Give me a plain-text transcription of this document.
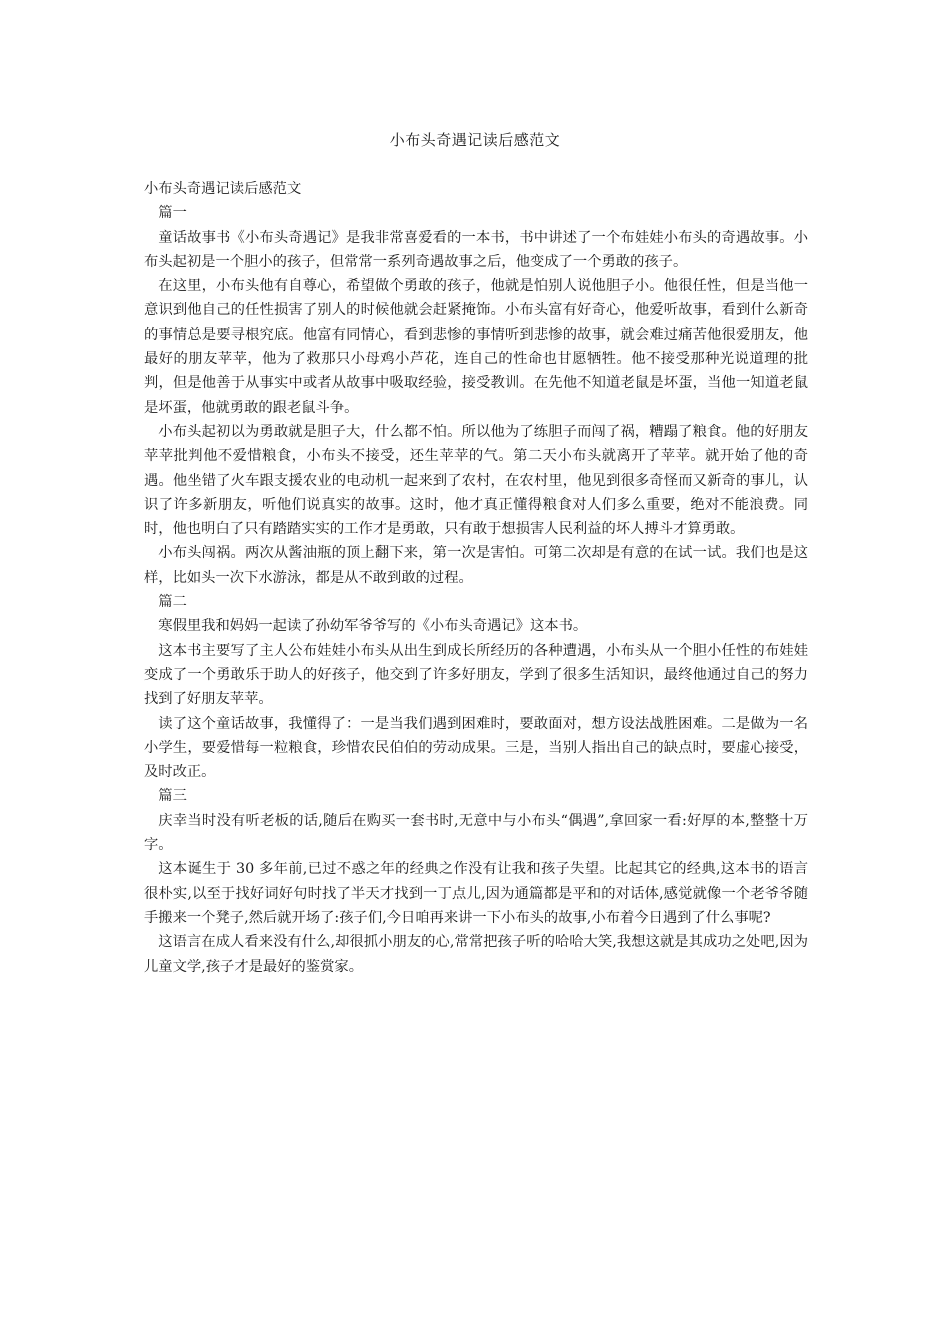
小布头奇遇记读后感范文

小布头奇遇记读后感范文

篇一

童话故事书《小布头奇遇记》是我非常喜爱看的一本书，书中讲述了一个布娃娃小布头的奇遇故事。小布头起初是一个胆小的孩子，但常常一系列奇遇故事之后，他变成了一个勇敢的孩子。

在这里，小布头他有自尊心，希望做个勇敢的孩子，他就是怕别人说他胆子小。他很任性，但是当他一意识到他自己的任性损害了别人的时候他就会赶紧掩饰。小布头富有好奇心，他爱听故事，看到什么新奇的事情总是要寻根究底。他富有同情心，看到悲惨的事情听到悲惨的故事，就会难过痛苦他很爱朋友，他最好的朋友苹苹，他为了救那只小母鸡小芦花，连自己的性命也甘愿牺牲。他不接受那种光说道理的批判，但是他善于从事实中或者从故事中吸取经验，接受教训。在先他不知道老鼠是坏蛋，当他一知道老鼠是坏蛋，他就勇敢的跟老鼠斗争。

小布头起初以为勇敢就是胆子大，什么都不怕。所以他为了练胆子而闯了祸，糟蹋了粮食。他的好朋友苹苹批判他不爱惜粮食，小布头不接受，还生苹苹的气。第二天小布头就离开了苹苹。就开始了他的奇遇。他坐错了火车跟支援农业的电动机一起来到了农村，在农村里，他见到很多奇怪而又新奇的事儿，认识了许多新朋友，听他们说真实的故事。这时，他才真正懂得粮食对人们多么重要，绝对不能浪费。同时，他也明白了只有踏踏实实的工作才是勇敢，只有敢于想损害人民利益的坏人搏斗才算勇敢。

小布头闯祸。两次从酱油瓶的顶上翻下来，第一次是害怕。可第二次却是有意的在试一试。我们也是这样，比如头一次下水游泳，都是从不敢到敢的过程。

篇二

寒假里我和妈妈一起读了孙幼军爷爷写的《小布头奇遇记》这本书。

这本书主要写了主人公布娃娃小布头从出生到成长所经历的各种遭遇，小布头从一个胆小任性的布娃娃变成了一个勇敢乐于助人的好孩子，他交到了许多好朋友，学到了很多生活知识，最终他通过自己的努力找到了好朋友苹苹。

读了这个童话故事，我懂得了：一是当我们遇到困难时，要敢面对，想方设法战胜困难。二是做为一名小学生，要爱惜每一粒粮食，珍惜农民伯伯的劳动成果。三是，当别人指出自己的缺点时，要虚心接受，及时改正。

篇三

庆幸当时没有听老板的话,随后在购买一套书时,无意中与小布头“偶遇”,拿回家一看:好厚的本,整整十万字。

这本诞生于 30 多年前,已过不惑之年的经典之作没有让我和孩子失望。比起其它的经典,这本书的语言很朴实,以至于找好词好句时找了半天才找到一丁点儿,因为通篇都是平和的对话体,感觉就像一个老爷爷随手搬来一个凳子,然后就开场了:孩子们,今日咱再来讲一下小布头的故事,小布着今日遇到了什么事呢?

这语言在成人看来没有什么,却很抓小朋友的心,常常把孩子听的哈哈大笑,我想这就是其成功之处吧,因为儿童文学,孩子才是最好的鉴赏家。
